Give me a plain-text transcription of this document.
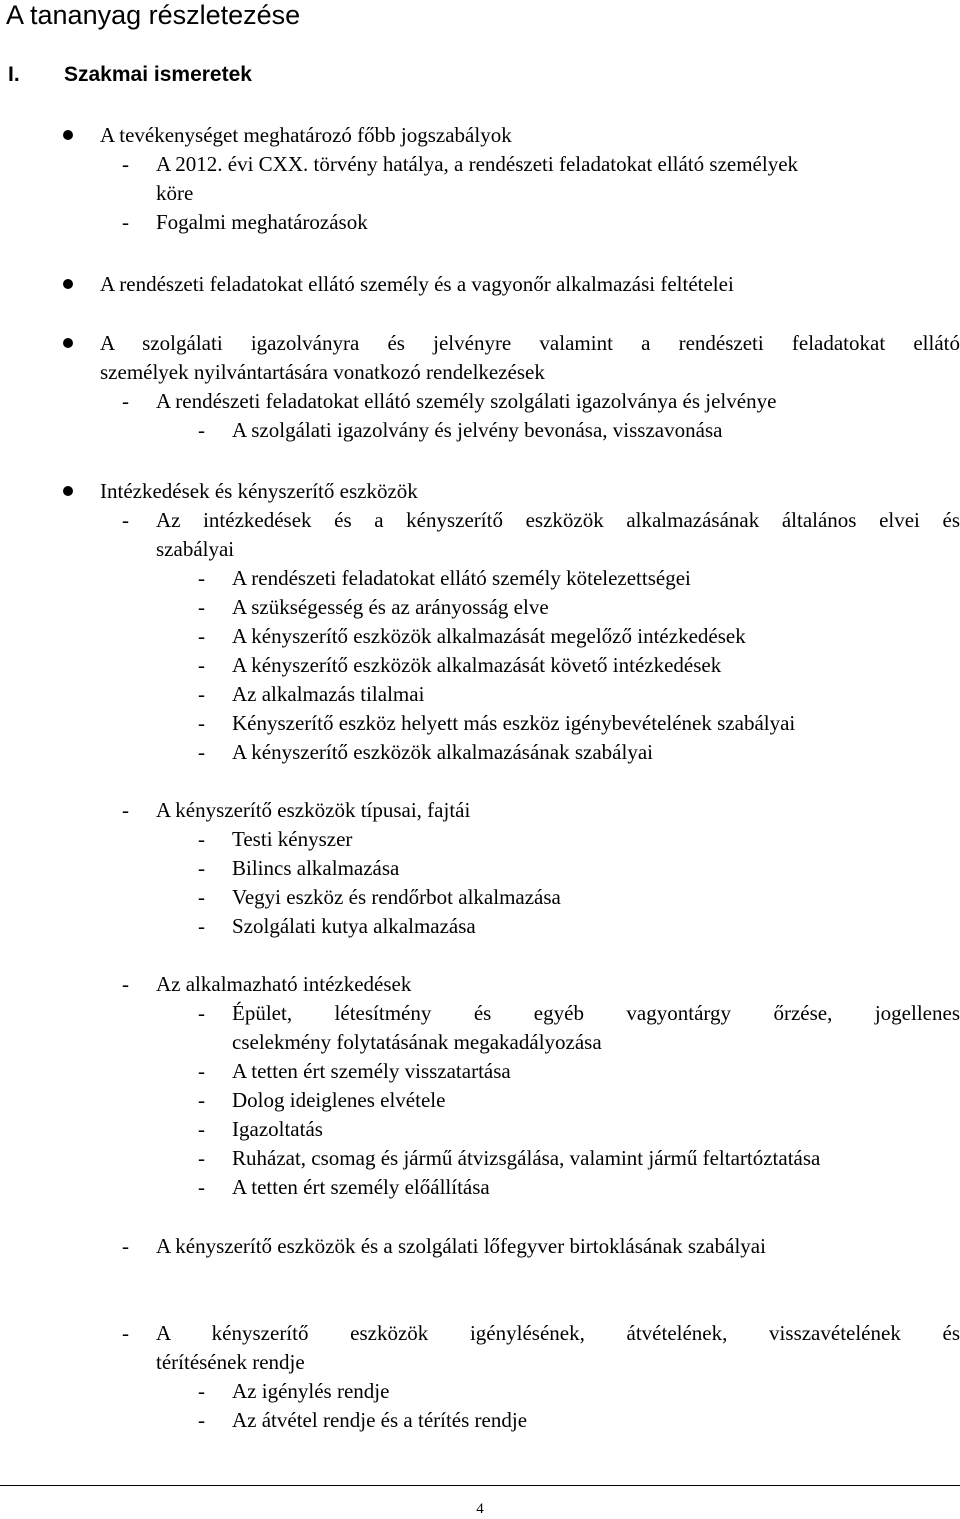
A tananyag részletezése
I. Szakmai ismeretek
A tevékenységet meghatározó főbb jogszabályok
- A 2012. évi CXX. törvény hatálya, a rendészeti feladatokat ellátó személyek
köre
- Fogalmi meghatározások
A rendészeti feladatokat ellátó személy és a vagyonőr alkalmazási feltételei
A szolgálati igazolványra és jelvényre valamint a rendészeti feladatokat ellátó
személyek nyilvántartására vonatkozó rendelkezések
- A rendészeti feladatokat ellátó személy szolgálati igazolványa és jelvénye
- A szolgálati igazolvány és jelvény bevonása, visszavonása
Intézkedések és kényszerítő eszközök
- Az intézkedések és a kényszerítő eszközök alkalmazásának általános elvei és
szabályai
- A rendészeti feladatokat ellátó személy kötelezettségei
- A szükségesség és az arányosság elve
- A kényszerítő eszközök alkalmazását megelőző intézkedések
- A kényszerítő eszközök alkalmazását követő intézkedések
- Az alkalmazás tilalmai
- Kényszerítő eszköz helyett más eszköz igénybevételének szabályai
- A kényszerítő eszközök alkalmazásának szabályai
- A kényszerítő eszközök típusai, fajtái
- Testi kényszer
- Bilincs alkalmazása
- Vegyi eszköz és rendőrbot alkalmazása
- Szolgálati kutya alkalmazása
- Az alkalmazható intézkedések
- Épület, létesítmény és egyéb vagyontárgy őrzése, jogellenes
cselekmény folytatásának megakadályozása
- A tetten ért személy visszatartása
- Dolog ideiglenes elvétele
- Igazoltatás
- Ruházat, csomag és jármű átvizsgálása, valamint jármű feltartóztatása
- A tetten ért személy előállítása
- A kényszerítő eszközök és a szolgálati lőfegyver birtoklásának szabályai
- A kényszerítő eszközök igénylésének, átvételének, visszavételének és
térítésének rendje
- Az igénylés rendje
- Az átvétel rendje és a térítés rendje
4
